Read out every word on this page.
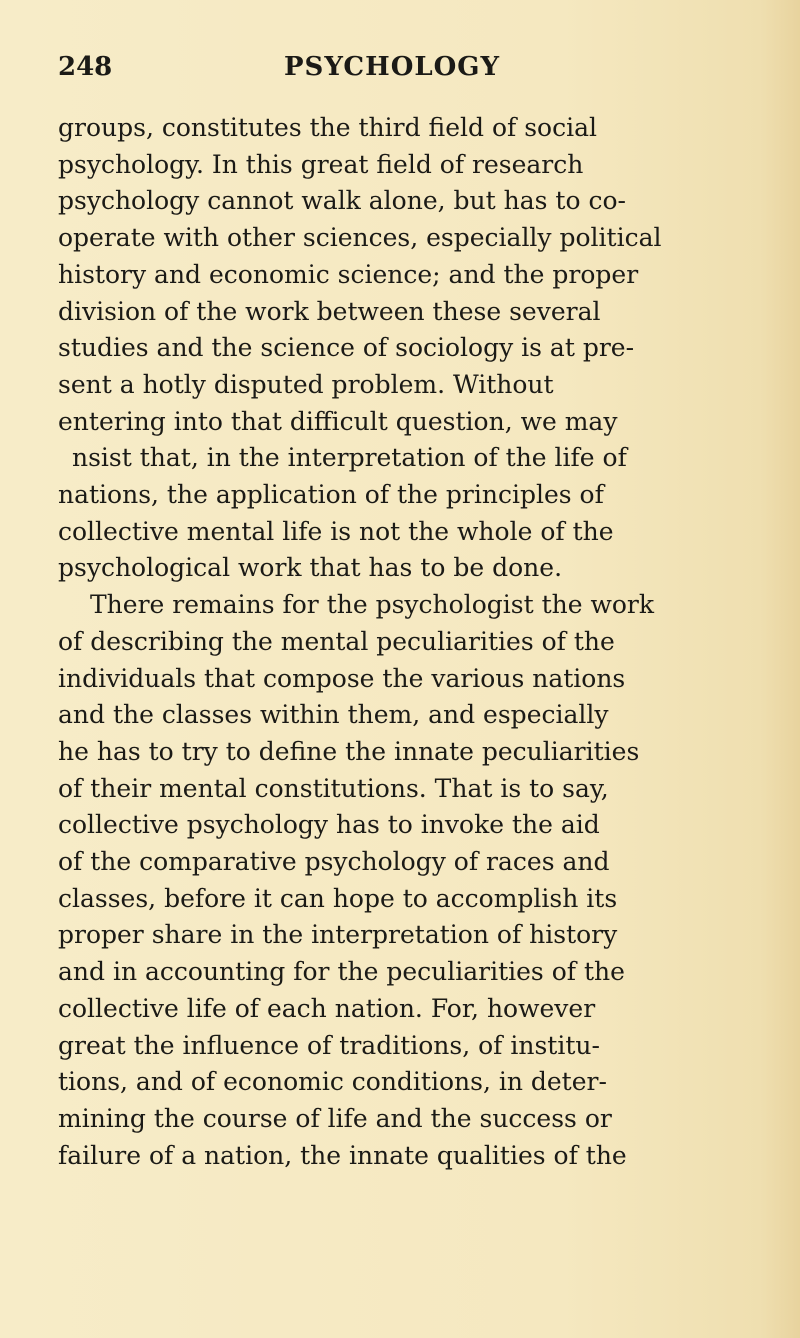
248	PSYCHOLOGY
groups, constitutes the third field of social
psychology. In this great field of research
psychology cannot walk alone, but has to co-
operate with other sciences, especially political
history and economic science; and the proper
division of the work between these several
studies and the science of sociology is at pre-
sent a hotly disputed problem. Without
entering into that difficult question, we may
nsist that, in the interpretation of the life of
nations, the application of the principles of
collective mental life is not the whole of the
psychological work that has to be done.
There remains for the psychologist the work
of describing the mental peculiarities of the
individuals that compose the various nations
and the classes within them, and especially
he has to try to define the innate peculiarities
of their mental constitutions. That is to say,
collective psychology has to invoke the aid
of the comparative psychology of races and
classes, before it can hope to accomplish its
proper share in the interpretation of history
and in accounting for the peculiarities of the
collective life of each nation. For, however
great the influence of traditions, of institu-
tions, and of economic conditions, in deter-
mining the course of life and the success or
failure of a nation, the innate qualities of the
